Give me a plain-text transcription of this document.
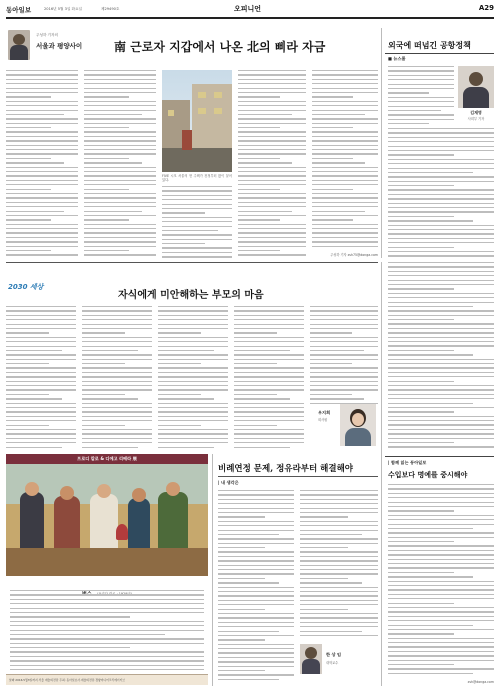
동아일보	2016년 5월 3일 화요일	제29490호	오피니언	A29
주성하 기자의
서울과 평양사이	南 근로자 지갑에서 나온 北의 삐라 자금	외국에 떠넘긴 공항정책
■ 뉴스룸
FIVE 시모 서울의 현 주택가 천정부터 많이 붙어 있다.
주성하 기자 zsh75@donga.com
김재영
사회부 기자
2030 세상
자식에게 미안해하는 부모의 마음
우지희
회사원
프로디 칼로 & 디에고 리베라 展
날짜 2016.5월3일까지 서울 예술의전당 주최: 동아일보사·예술의전당·경향미디어크리에이티브
비례연정 문제, 정유라부터 해결해야
| 내 생각은
한 상 임
대학교수
| 함께 읽는 동아일보
수입보다 명예를 중시해야
zsh@donga.com
